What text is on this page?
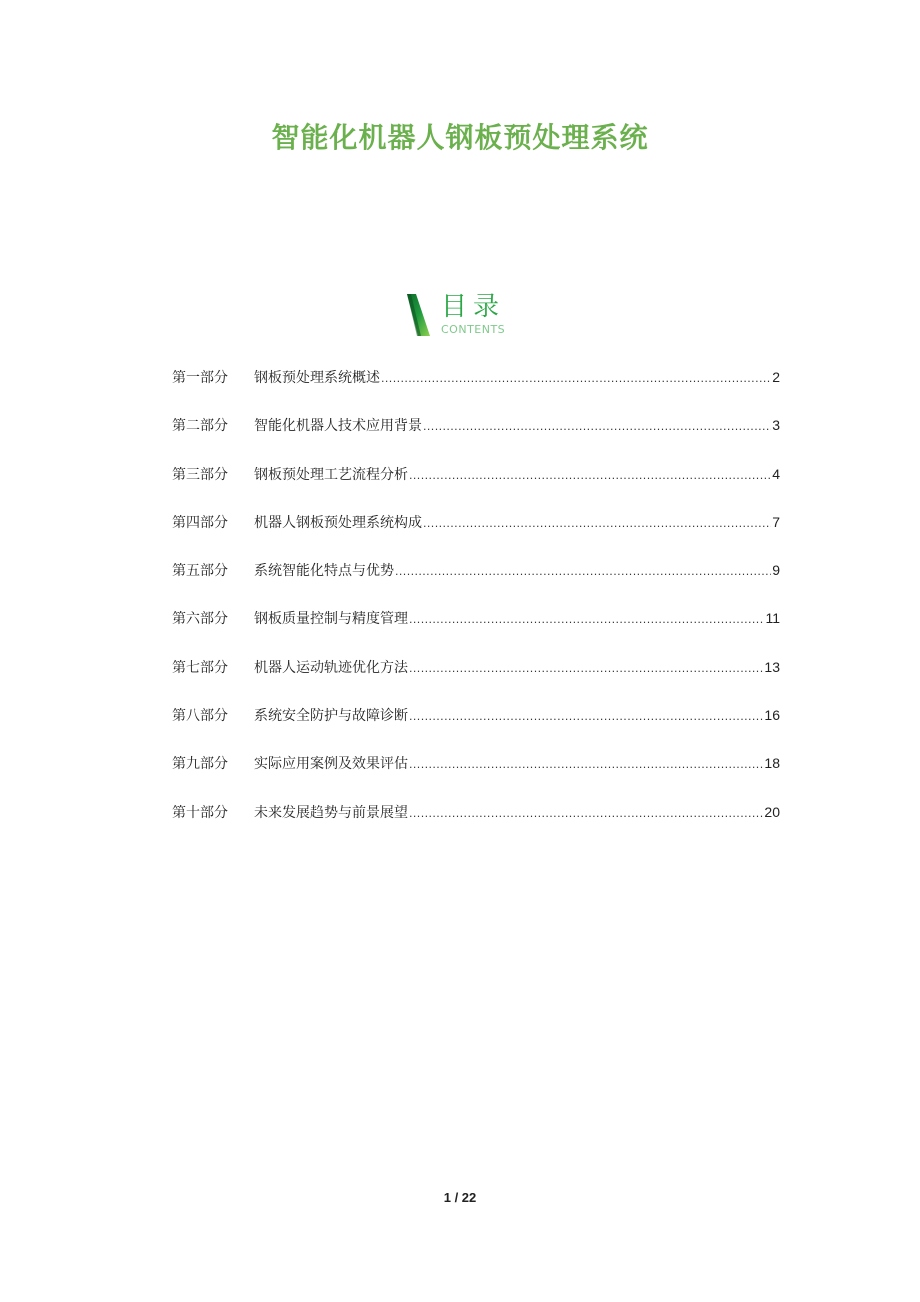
智能化机器人钢板预处理系统
目录
CONTENTS
第一部分	钢板预处理系统概述 .....	2
第二部分	智能化机器人技术应用背景 .....	3
第三部分	钢板预处理工艺流程分析 .....	4
第四部分	机器人钢板预处理系统构成 .....	7
第五部分	系统智能化特点与优势 .....	9
第六部分	钢板质量控制与精度管理 .....	11
第七部分	机器人运动轨迹优化方法 .....	13
第八部分	系统安全防护与故障诊断 .....	16
第九部分	实际应用案例及效果评估 .....	18
第十部分	未来发展趋势与前景展望 .....	20
1 / 22
